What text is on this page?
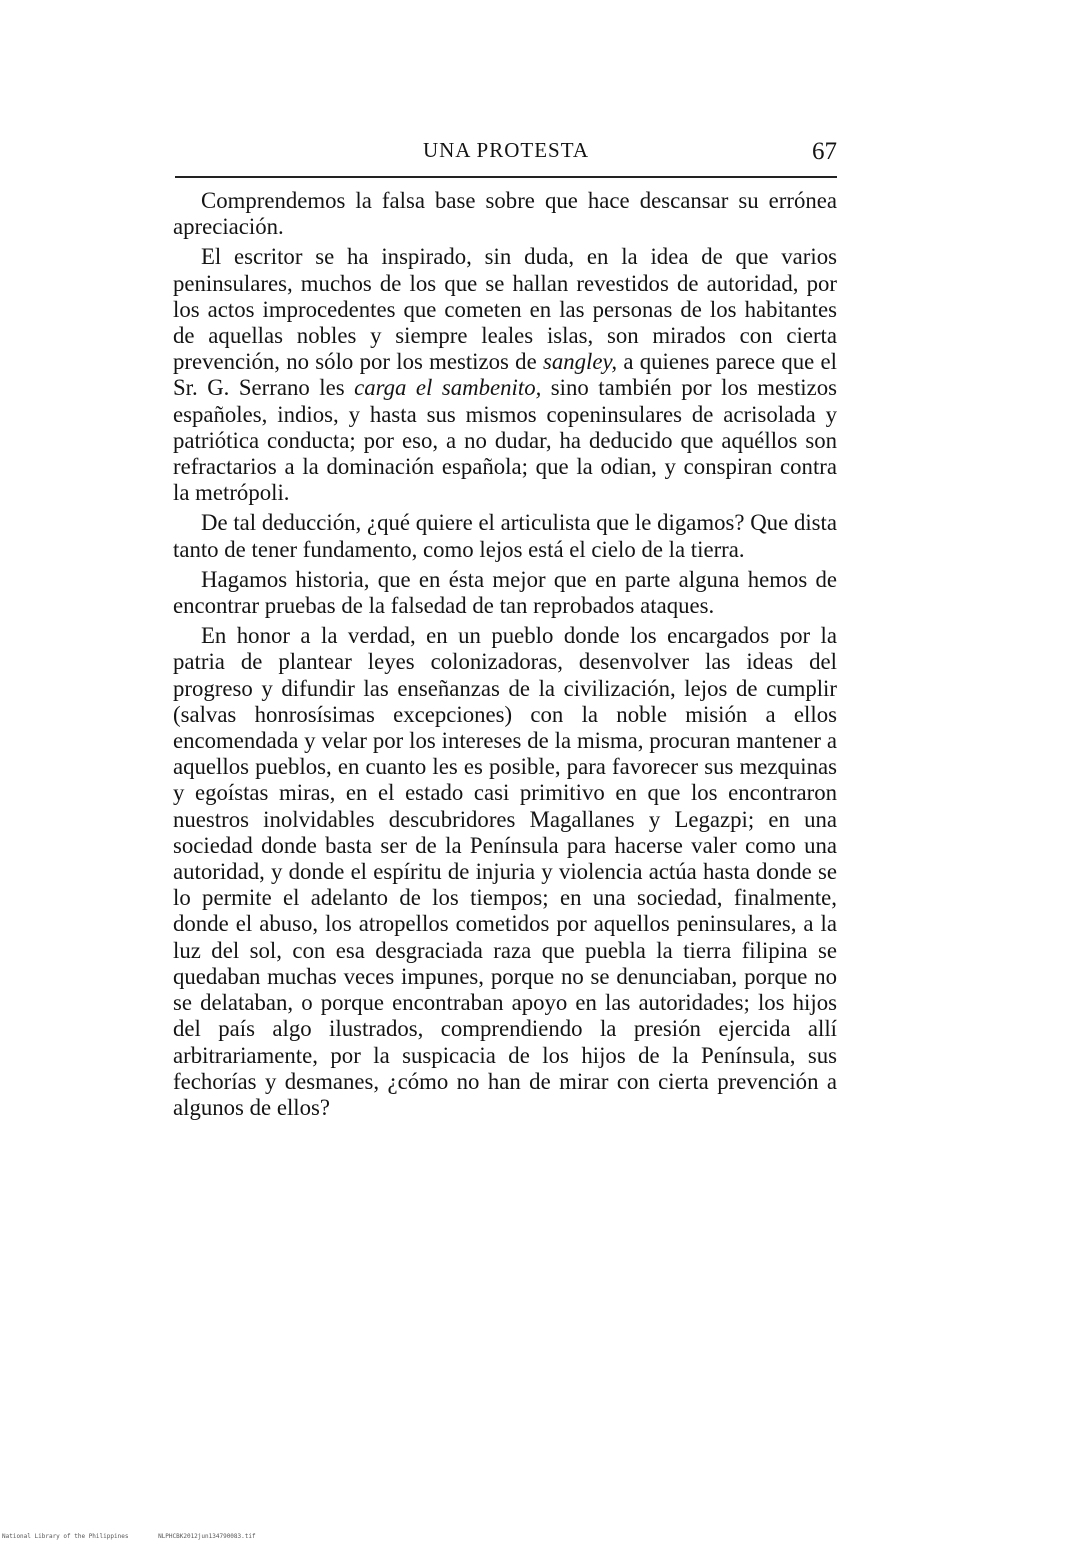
UNA PROTESTA	67

Comprendemos la falsa base sobre que hace descansar su errónea apreciación.

El escritor se ha inspirado, sin duda, en la idea de que varios peninsulares, muchos de los que se hallan revestidos de autoridad, por los actos improcedentes que cometen en las personas de los habitantes de aquellas nobles y siempre leales islas, son mirados con cierta prevención, no sólo por los mestizos de sangley, a quienes parece que el Sr. G. Serrano les carga el sambenito, sino también por los mestizos españoles, indios, y hasta sus mismos copeninsulares de acrisolada y patriótica conducta; por eso, a no dudar, ha deducido que aquéllos son refractarios a la dominación española; que la odian, y conspiran contra la metrópoli.

De tal deducción, ¿qué quiere el articulista que le digamos? Que dista tanto de tener fundamento, como lejos está el cielo de la tierra.

Hagamos historia, que en ésta mejor que en parte alguna hemos de encontrar pruebas de la falsedad de tan reprobados ataques.

En honor a la verdad, en un pueblo donde los encargados por la patria de plantear leyes colonizadoras, desenvolver las ideas del progreso y difundir las enseñanzas de la civilización, lejos de cumplir (salvas honrosísimas excepciones) con la noble misión a ellos encomendada y velar por los intereses de la misma, procuran mantener a aquellos pueblos, en cuanto les es posible, para favorecer sus mezquinas y egoístas miras, en el estado casi primitivo en que los encontraron nuestros inolvidables descubridores Magallanes y Legazpi; en una sociedad donde basta ser de la Península para hacerse valer como una autoridad, y donde el espíritu de injuria y violencia actúa hasta donde se lo permite el adelanto de los tiempos; en una sociedad, finalmente, donde el abuso, los atropellos cometidos por aquellos peninsulares, a la luz del sol, con esa desgraciada raza que puebla la tierra filipina se quedaban muchas veces impunes, porque no se denunciaban, porque no se delataban, o porque encontraban apoyo en las autoridades; los hijos del país algo ilustrados, comprendiendo la presión ejercida allí arbitrariamente, por la suspicacia de los hijos de la Península, sus fechorías y desmanes, ¿cómo no han de mirar con cierta prevención a algunos de ellos?

National Library of the Philippines	NLPHCBK2012jun134790083.tif
